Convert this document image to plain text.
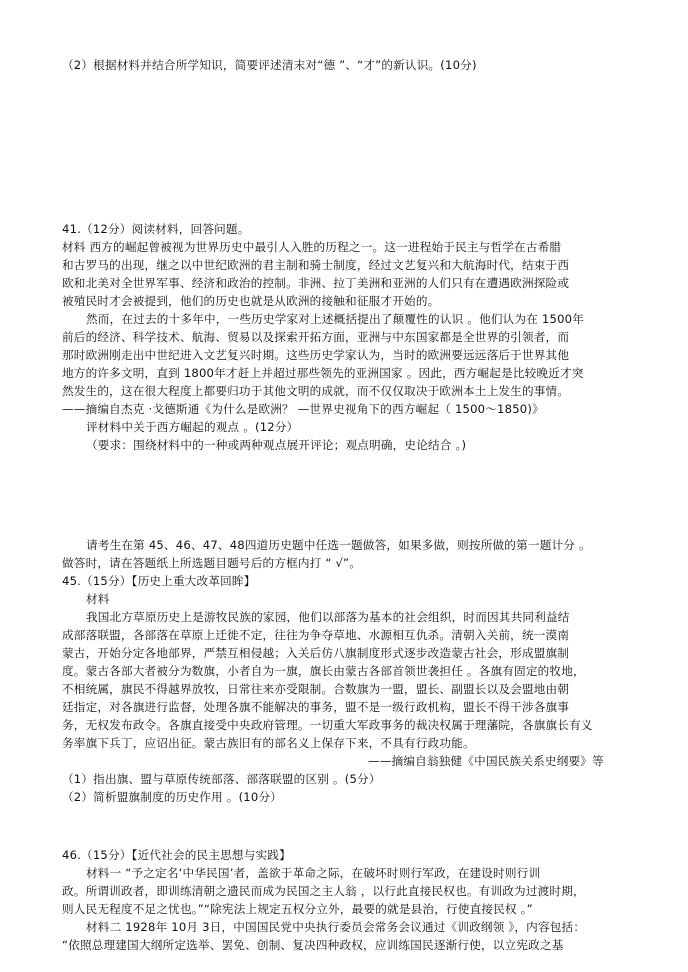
（2）根据材料并结合所学知识，简要评述清末对“德 ”、“才”的新认识。(10分)
41.（12分）阅读材料，回答问题。
材料 西方的崛起曾被视为世界历史中最引人入胜的历程之一。这一进程始于民主与哲学在古希腊
和古罗马的出现，继之以中世纪欧洲的君主制和骑士制度，经过文艺复兴和大航海时代，结束于西
欧和北美对全世界军事、经济和政治的控制。非洲、拉丁美洲和亚洲的人们只有在遭遇欧洲探险或
被殖民时才会被提到，他们的历史也就是从欧洲的接触和征服才开始的。
然而，在过去的十多年中，一些历史学家对上述概括提出了颠覆性的认识 。他们认为在 1500年
前后的经济、科学技术、航海、贸易以及探索开拓方面，亚洲与中东国家都是全世界的引领者，而
那时欧洲刚走出中世纪进入文艺复兴时期。这些历史学家认为，当时的欧洲要远远落后于世界其他
地方的许多文明，直到 1800年才赶上并超过那些领先的亚洲国家 。因此，西方崛起是比较晚近才突
然发生的，这在很大程度上都要归功于其他文明的成就，而不仅仅取决于欧洲本土上发生的事情。
——摘编自杰克 ·戈德斯通《为什么是欧洲？ —世界史视角下的西方崛起（ 1500～1850)》
评材料中关于西方崛起的观点 。(12分）
（要求：围绕材料中的一种或两种观点展开评论；观点明确，史论结合 。)
请考生在第 45、46、47、48四道历史题中任选一题做答，如果多做，则按所做的第一题计分 。
做答时，请在答题纸上所选题目题号后的方框内打 “ √”。
45.（15分）【历史上重大改革回眸】
材料
我国北方草原历史上是游牧民族的家园，他们以部落为基本的社会组织，时而因其共同利益结
成部落联盟，各部落在草原上迁徙不定，往往为争夺草地、水源相互仇杀。清朝入关前，统一漠南
蒙古，开始分定各地部界，严禁互相侵越；入关后仿八旗制度形式逐步改造蒙古社会，形成盟旗制
度。蒙古各部大者被分为数旗，小者自为一旗，旗长由蒙古各部首领世袭担任 。各旗有固定的牧地，
不相统属，旗民不得越界放牧，日常往来亦受限制。合数旗为一盟，盟长、副盟长以及会盟地由朝
廷指定，对各旗进行监督，处理各旗不能解决的事务，盟不是一级行政机构，盟长不得干涉各旗事
务，无权发布政令。各旗直接受中央政府管理。一切重大军政事务的裁决权属于理藩院，各旗旗长有义
务率旗下兵丁，应诏出征。蒙古族旧有的部名义上保存下来，不具有行政功能。
——摘编自翁独健《中国民族关系史纲要》等
（1）指出旗、盟与草原传统部落、部落联盟的区别 。(5分）
（2）简析盟旗制度的历史作用 。(10分）
46.（15分）【近代社会的民主思想与实践】
材料一 “予之定名‘中华民国’者，盖欲于革命之际，在破坏时则行军政，在建设时则行训
政。所谓训政者，即训练清朝之遗民而成为民国之主人翁 ，以行此直接民权也。有训政为过渡时期，
则人民无程度不足之忧也。”“除宪法上规定五权分立外，最要的就是县治，行使直接民权 。”
材料二 1928年 10月 3日，中国国民党中央执行委员会常务会议通过《训政纲领 》，内容包括：
“依照总理建国大纲所定选举、罢免、创制、复决四种政权，应训练国民逐渐行使，以立宪政之基
